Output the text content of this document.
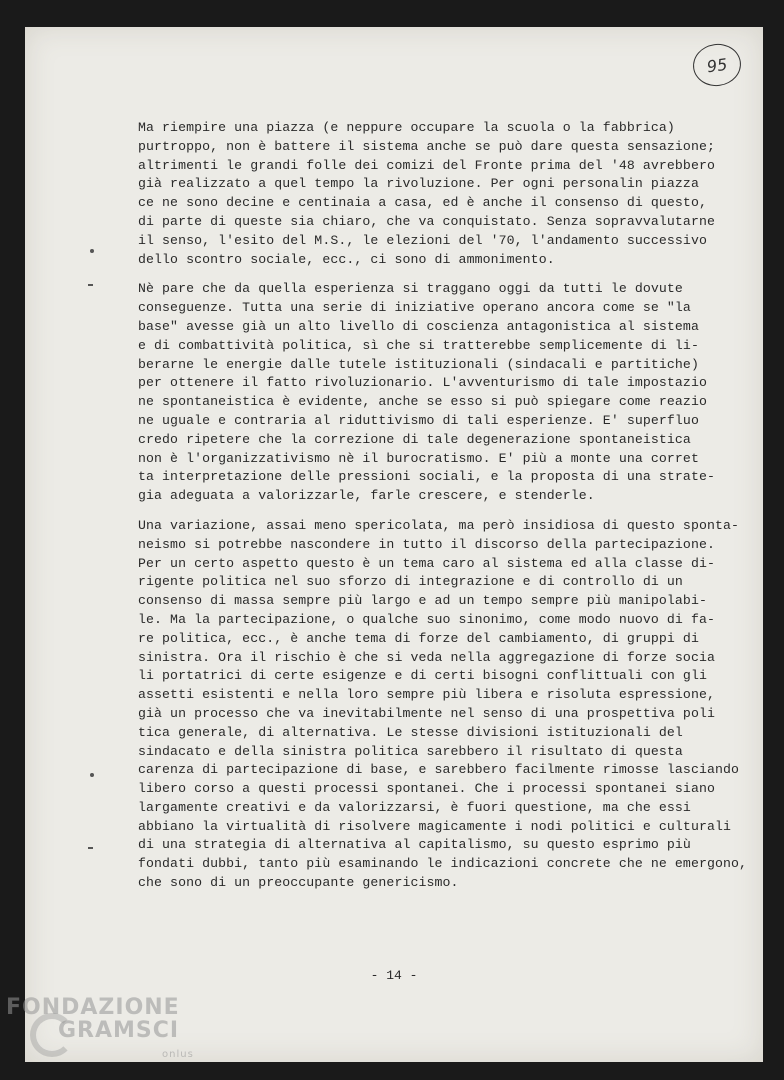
95

Ma riempire una piazza (e neppure occupare la scuola o la fabbrica)
purtroppo, non è battere il sistema anche se può dare questa sensazione;
altrimenti le grandi folle dei comizi del Fronte prima del '48 avrebbero
già realizzato a quel tempo la rivoluzione. Per ogni personalin piazza
ce ne sono decine e centinaia a casa, ed è anche il consenso di questo,
di parte di queste sia chiaro, che va conquistato. Senza sopravvalutarne
il senso, l'esito del M.S., le elezioni del '70, l'andamento successivo
dello scontro sociale, ecc., ci sono di ammonimento.

Nè pare che da quella esperienza si traggano oggi da tutti le dovute
conseguenze. Tutta una serie di iniziative operano ancora come se "la
base" avesse già un alto livello di coscienza antagonistica al sistema
e di combattività politica, sì che si tratterebbe semplicemente di li-
berarne le energie dalle tutele istituzionali (sindacali e partitiche)
per ottenere il fatto rivoluzionario. L'avventurismo di tale impostazio
ne spontaneistica è evidente, anche se esso si può spiegare come reazio
ne uguale e contraria al riduttivismo di tali esperienze. E' superfluo
credo ripetere che la correzione di tale degenerazione spontaneistica
non è l'organizzativismo nè il burocratismo. E' più a monte una corret
ta interpretazione delle pressioni sociali, e la proposta di una strate-
gia adeguata a valorizzarle, farle crescere, e stenderle.

Una variazione, assai meno spericolata, ma però insidiosa di questo sponta-
neismo si potrebbe nascondere in tutto il discorso della partecipazione.
Per un certo aspetto questo è un tema caro al sistema ed alla classe di-
rigente politica nel suo sforzo di integrazione e di controllo di un
consenso di massa sempre più largo e ad un tempo sempre più manipolabi-
le. Ma la partecipazione, o qualche suo sinonimo, come modo nuovo di fa-
re politica, ecc., è anche tema di forze del cambiamento, di gruppi di
sinistra. Ora il rischio è che si veda nella aggregazione di forze socia
li portatrici di certe esigenze e di certi bisogni conflittuali con gli
assetti esistenti e nella loro sempre più libera e risoluta espressione,
già un processo che va inevitabilmente nel senso di una prospettiva poli
tica generale, di alternativa. Le stesse divisioni istituzionali del
sindacato e della sinistra politica sarebbero il risultato di questa
carenza di partecipazione di base, e sarebbero facilmente rimosse lasciando
libero corso a questi processi spontanei. Che i processi spontanei siano
largamente creativi e da valorizzarsi, è fuori questione, ma che essi
abbiano la virtualità di risolvere magicamente i nodi politici e culturali
di una strategia di alternativa al capitalismo, su questo esprimo più
fondati dubbi, tanto più esaminando le indicazioni concrete che ne emergono,
che sono di un preoccupante genericismo.

- 14 -
FONDAZIONE
GRAMSCI
onlus
